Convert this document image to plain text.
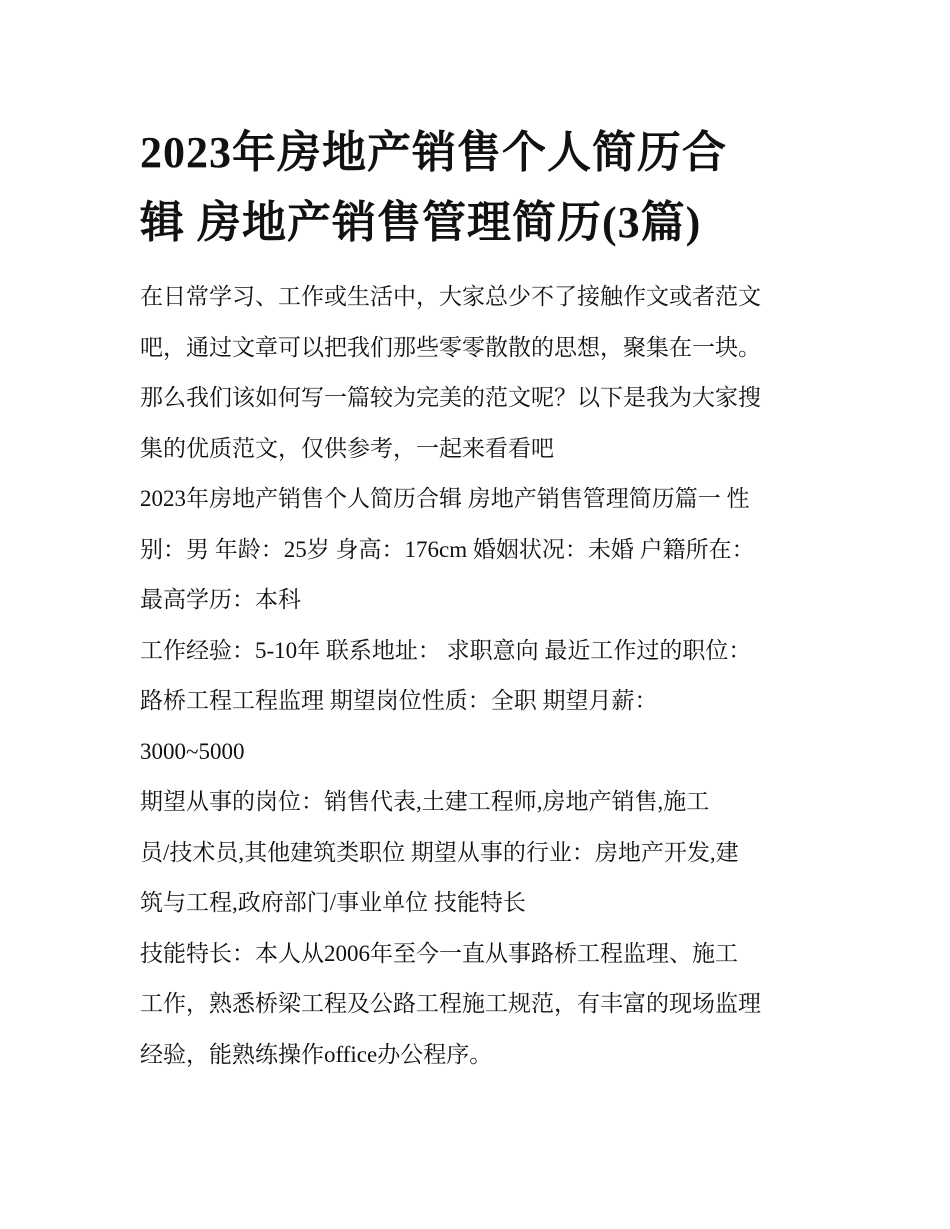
2023年房地产销售个人简历合
辑 房地产销售管理简历(3篇)

在日常学习、工作或生活中，大家总少不了接触作文或者范文
吧，通过文章可以把我们那些零零散散的思想，聚集在一块。
那么我们该如何写一篇较为完美的范文呢？以下是我为大家搜
集的优质范文，仅供参考，一起来看看吧

2023年房地产销售个人简历合辑 房地产销售管理简历篇一 性
别：男 年龄：25岁 身高：176cm 婚姻状况：未婚 户籍所在：
最高学历：本科

工作经验：5-10年 联系地址： 求职意向 最近工作过的职位：
路桥工程工程监理 期望岗位性质：全职 期望月薪：
3000~5000

期望从事的岗位：销售代表,土建工程师,房地产销售,施工
员/技术员,其他建筑类职位 期望从事的行业：房地产开发,建
筑与工程,政府部门/事业单位 技能特长

技能特长：本人从2006年至今一直从事路桥工程监理、施工
工作，熟悉桥梁工程及公路工程施工规范，有丰富的现场监理
经验，能熟练操作office办公程序。
